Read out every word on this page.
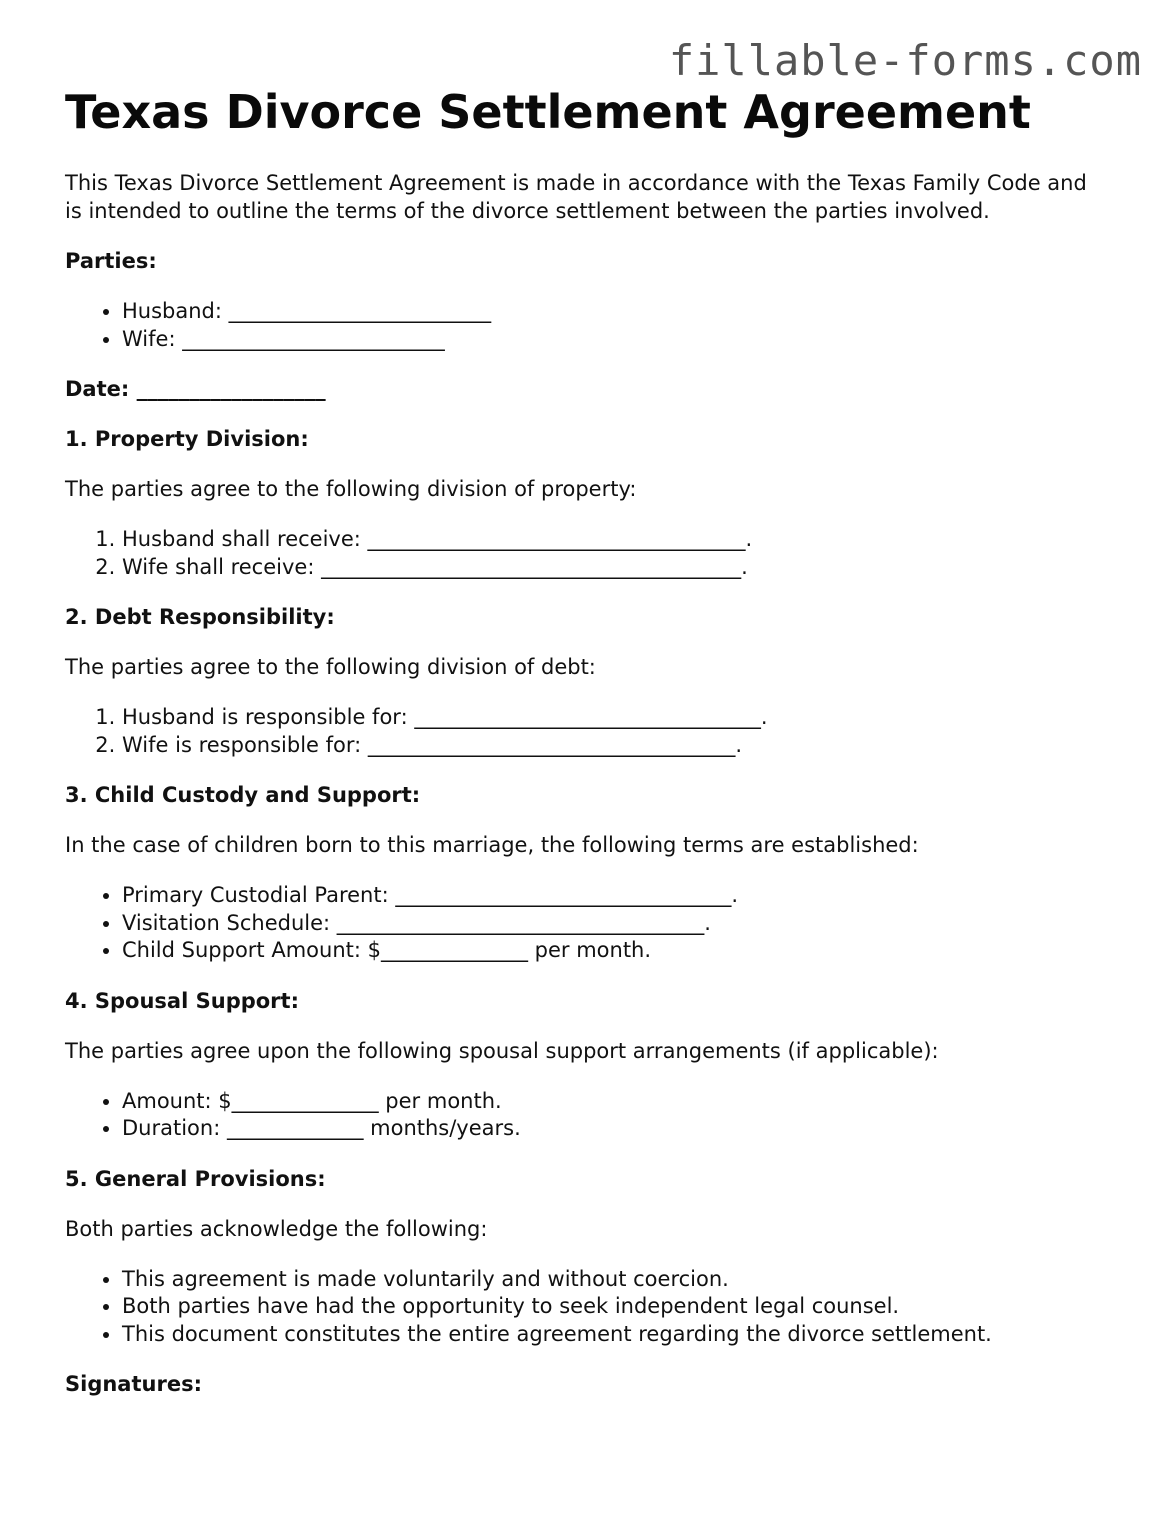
fillable-forms.com
Texas Divorce Settlement Agreement

This Texas Divorce Settlement Agreement is made in accordance with the Texas Family Code and is intended to outline the terms of the divorce settlement between the parties involved.

Parties:

• Husband: _________________________
• Wife: _________________________

Date: __________________

1. Property Division:

The parties agree to the following division of property:

1. Husband shall receive: ____________________________________.
2. Wife shall receive: ________________________________________.

2. Debt Responsibility:

The parties agree to the following division of debt:

1. Husband is responsible for: _________________________________.
2. Wife is responsible for: ___________________________________.

3. Child Custody and Support:

In the case of children born to this marriage, the following terms are established:

• Primary Custodial Parent: ________________________________.
• Visitation Schedule: ___________________________________.
• Child Support Amount: $______________ per month.

4. Spousal Support:

The parties agree upon the following spousal support arrangements (if applicable):

• Amount: $______________ per month.
• Duration: _____________ months/years.

5. General Provisions:

Both parties acknowledge the following:

• This agreement is made voluntarily and without coercion.
• Both parties have had the opportunity to seek independent legal counsel.
• This document constitutes the entire agreement regarding the divorce settlement.

Signatures:
